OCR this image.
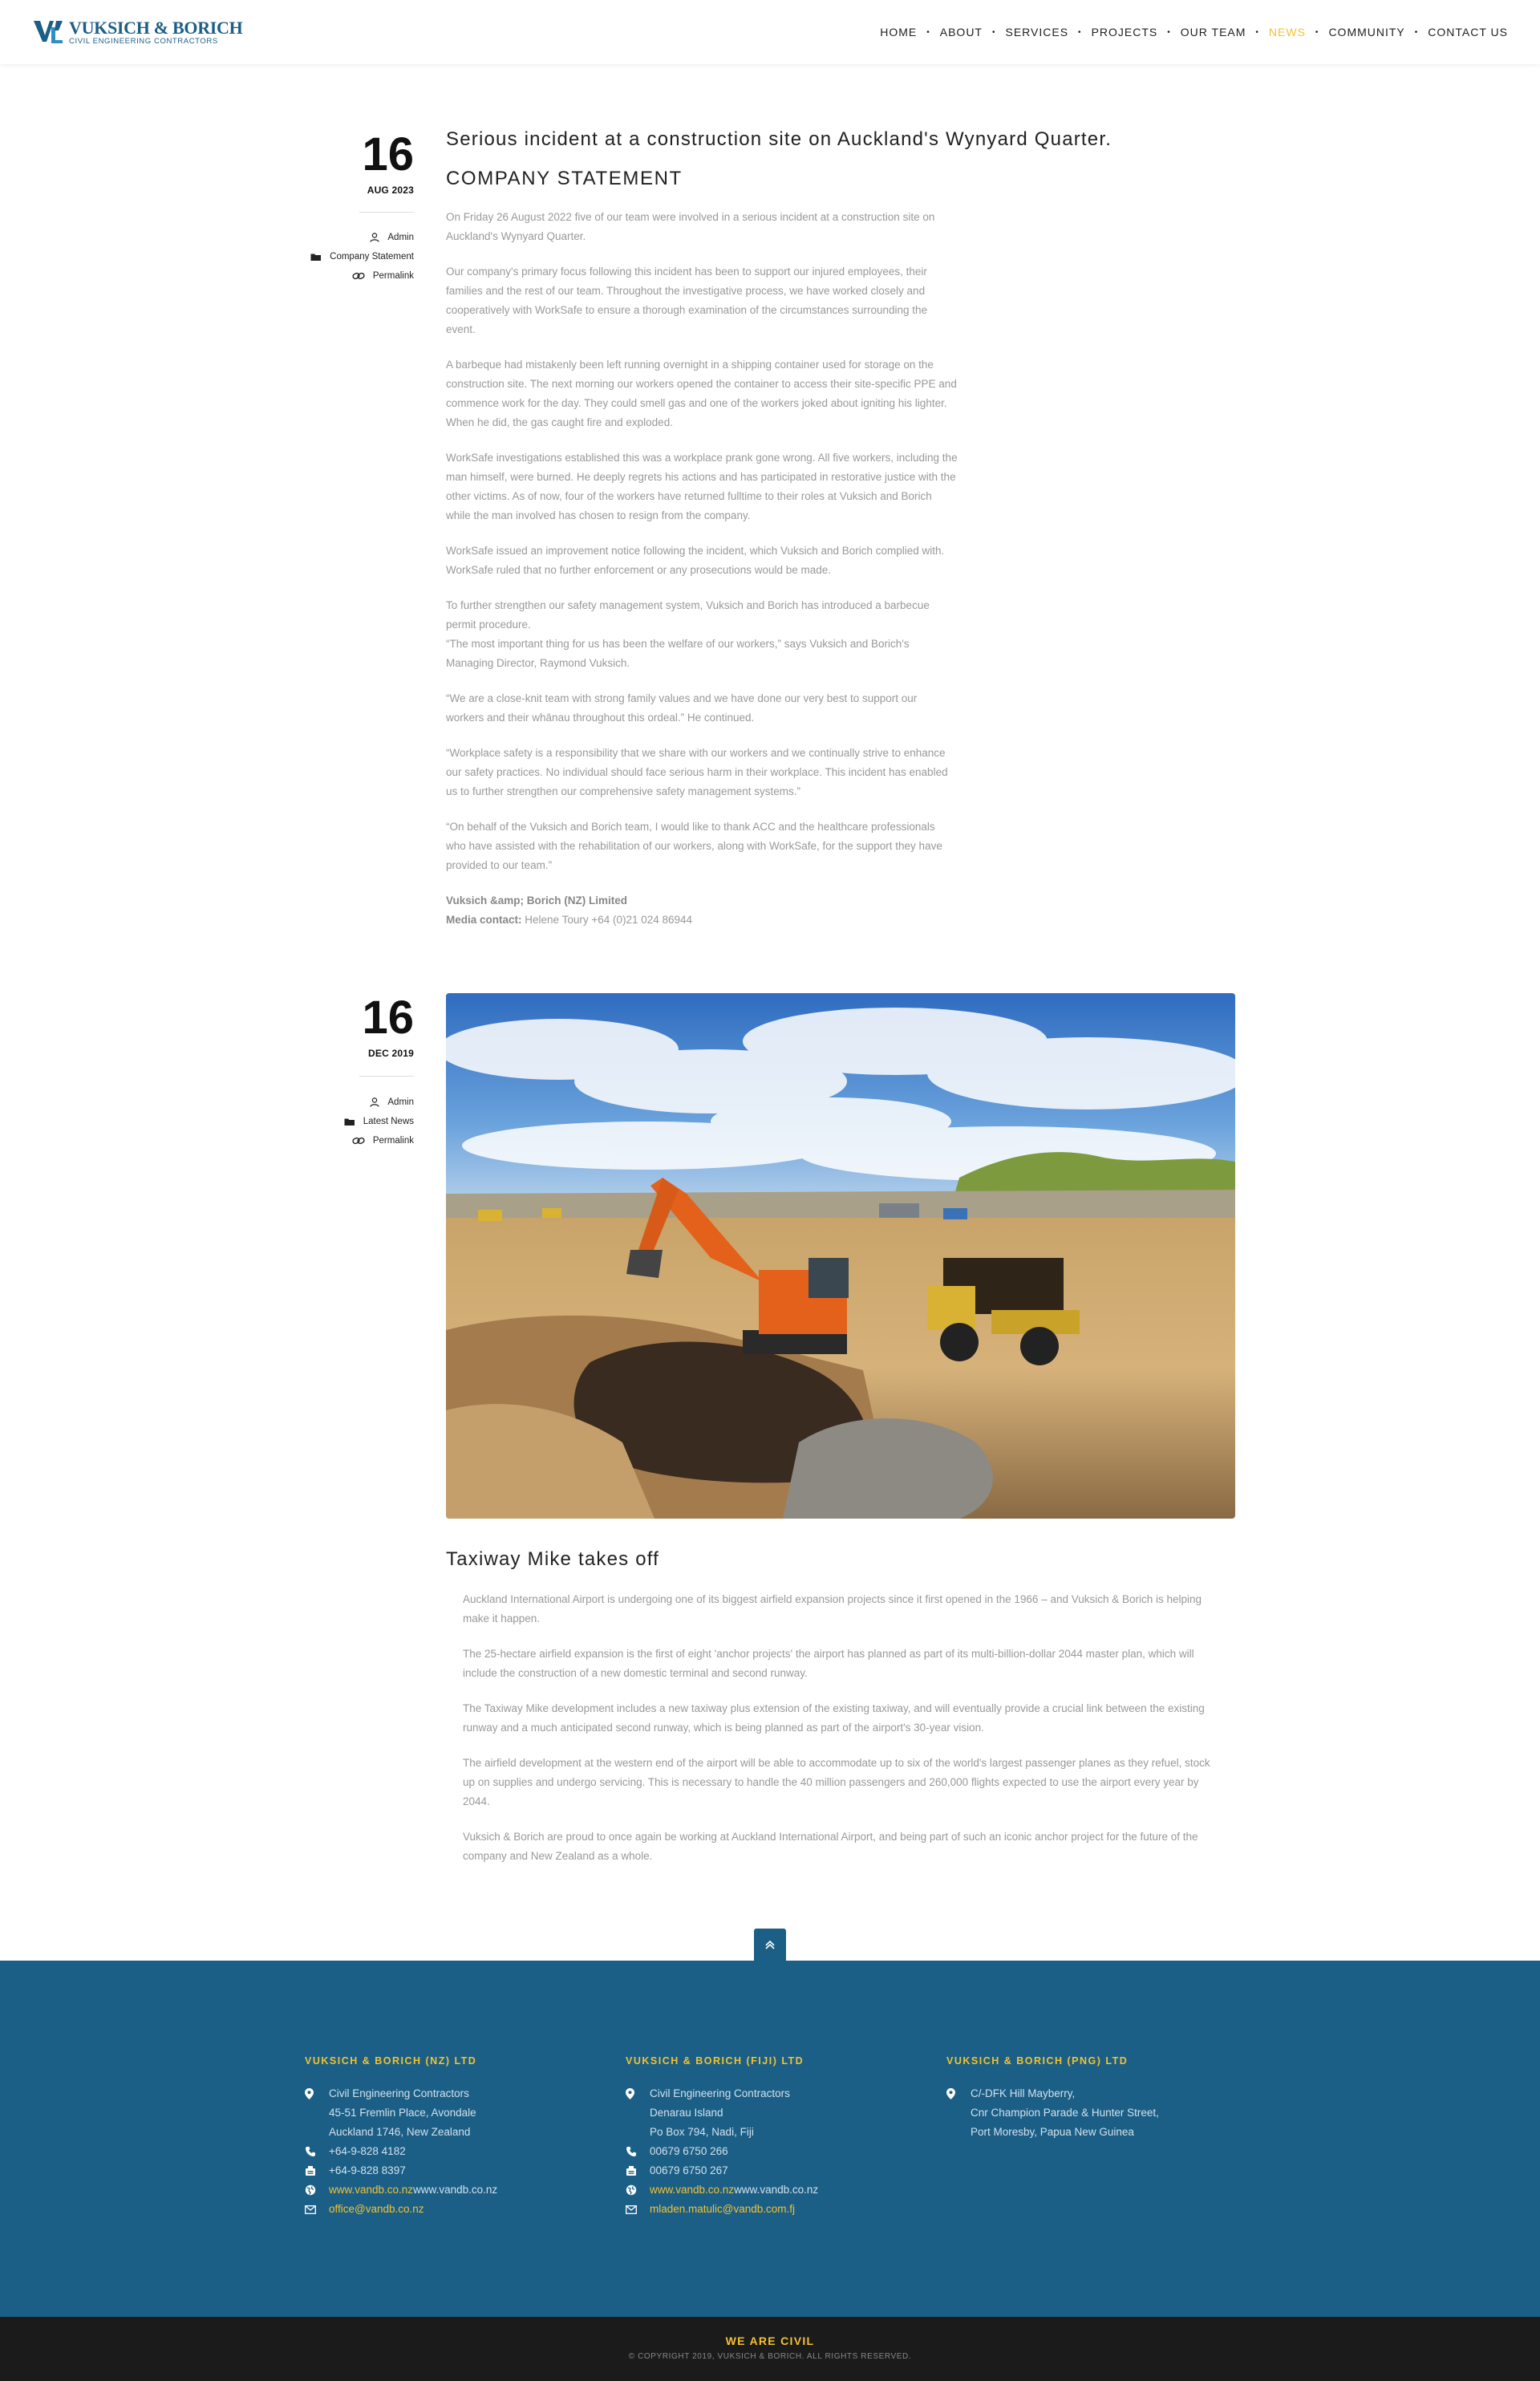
VUKSICH & BORICH
CIVIL ENGINEERING CONTRACTORS
HOME • ABOUT • SERVICES • PROJECTS • OUR TEAM • NEWS • COMMUNITY • CONTACT US
16
AUG 2023
Admin
Company Statement
Permalink
Serious incident at a construction site on Auckland's Wynyard Quarter.
COMPANY STATEMENT

On Friday 26 August 2022 five of our team were involved in a serious incident at a construction site on Auckland's Wynyard Quarter.

Our company's primary focus following this incident has been to support our injured employees, their families and the rest of our team. Throughout the investigative process, we have worked closely and cooperatively with WorkSafe to ensure a thorough examination of the circumstances surrounding the event.

A barbeque had mistakenly been left running overnight in a shipping container used for storage on the construction site. The next morning our workers opened the container to access their site-specific PPE and commence work for the day. They could smell gas and one of the workers joked about igniting his lighter. When he did, the gas caught fire and exploded.

WorkSafe investigations established this was a workplace prank gone wrong. All five workers, including the man himself, were burned. He deeply regrets his actions and has participated in restorative justice with the other victims. As of now, four of the workers have returned fulltime to their roles at Vuksich and Borich while the man involved has chosen to resign from the company.

WorkSafe issued an improvement notice following the incident, which Vuksich and Borich complied with. WorkSafe ruled that no further enforcement or any prosecutions would be made.

To further strengthen our safety management system, Vuksich and Borich has introduced a barbecue permit procedure.

“The most important thing for us has been the welfare of our workers,” says Vuksich and Borich's Managing Director, Raymond Vuksich.

“We are a close-knit team with strong family values and we have done our very best to support our workers and their whānau throughout this ordeal.” He continued.

“Workplace safety is a responsibility that we share with our workers and we continually strive to enhance our safety practices. No individual should face serious harm in their workplace. This incident has enabled us to further strengthen our comprehensive safety management systems.”

“On behalf of the Vuksich and Borich team, I would like to thank ACC and the healthcare professionals who have assisted with the rehabilitation of our workers, along with WorkSafe, for the support they have provided to our team.”

Vuksich &amp; Borich (NZ) Limited
Media contact: Helene Toury +64 (0)21 024 86944
16
DEC 2019
Admin
Latest News
Permalink
Taxiway Mike takes off

Auckland International Airport is undergoing one of its biggest airfield expansion projects since it first opened in the 1966 – and Vuksich & Borich is helping make it happen.

The 25-hectare airfield expansion is the first of eight 'anchor projects' the airport has planned as part of its multi-billion-dollar 2044 master plan, which will include the construction of a new domestic terminal and second runway.

The Taxiway Mike development includes a new taxiway plus extension of the existing taxiway, and will eventually provide a crucial link between the existing runway and a much anticipated second runway, which is being planned as part of the airport's 30-year vision.

The airfield development at the western end of the airport will be able to accommodate up to six of the world's largest passenger planes as they refuel, stock up on supplies and undergo servicing. This is necessary to handle the 40 million passengers and 260,000 flights expected to use the airport every year by 2044.

Vuksich & Borich are proud to once again be working at Auckland International Airport, and being part of such an iconic anchor project for the future of the company and New Zealand as a whole.

VUKSICH & BORICH (NZ) LTD
Civil Engineering Contractors
45-51 Fremlin Place, Avondale
Auckland 1746, New Zealand
+64-9-828 4182
+64-9-828 8397
www.vandb.co.nzwww.vandb.co.nz
office@vandb.co.nz
VUKSICH & BORICH (FIJI) LTD
Civil Engineering Contractors
Denarau Island
Po Box 794, Nadi, Fiji
00679 6750 266
00679 6750 267
www.vandb.co.nzwww.vandb.co.nz
mladen.matulic@vandb.com.fj
VUKSICH & BORICH (PNG) LTD
C/-DFK Hill Mayberry,
Cnr Champion Parade & Hunter Street,
Port Moresby, Papua New Guinea
WE ARE CIVIL
© COPYRIGHT 2019, VUKSICH & BORICH. ALL RIGHTS RESERVED.
